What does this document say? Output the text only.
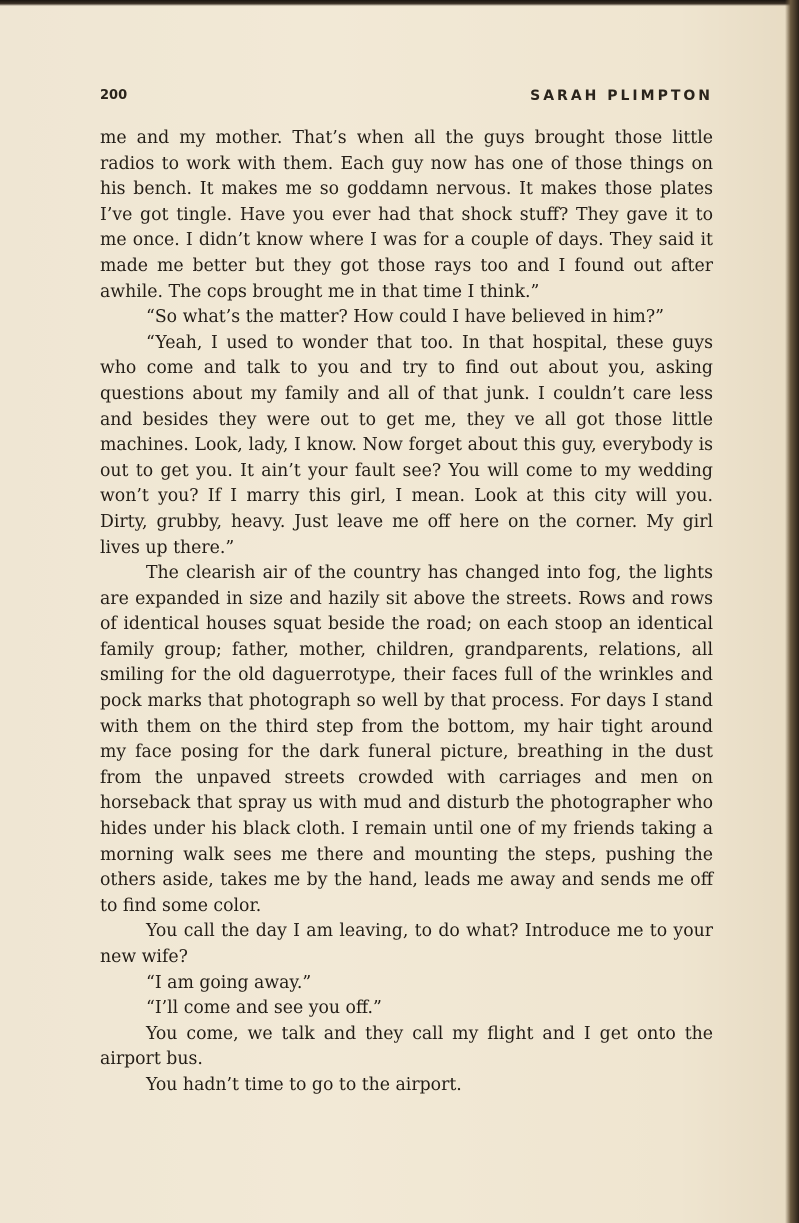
200	SARAH PLIMPTON

me and my mother. That’s when all the guys brought those little radios to work with them. Each guy now has one of those things on his bench. It makes me so goddamn nervous. It makes those plates I’ve got tingle. Have you ever had that shock stuff? They gave it to me once. I didn’t know where I was for a couple of days. They said it made me better but they got those rays too and I found out after awhile. The cops brought me in that time I think.”

“So what’s the matter? How could I have believed in him?”

“Yeah, I used to wonder that too. In that hospital, these guys who come and talk to you and try to find out about you, asking questions about my family and all of that junk. I couldn’t care less and besides they were out to get me, they ve all got those little machines. Look, lady, I know. Now forget about this guy, everybody is out to get you. It ain’t your fault see? You will come to my wedding won’t you? If I marry this girl, I mean. Look at this city will you. Dirty, grubby, heavy. Just leave me off here on the corner. My girl lives up there.”

The clearish air of the country has changed into fog, the lights are expanded in size and hazily sit above the streets. Rows and rows of identical houses squat beside the road; on each stoop an identical family group; father, mother, children, grandparents, relations, all smiling for the old daguerrotype, their faces full of the wrinkles and pock marks that photograph so well by that process. For days I stand with them on the third step from the bottom, my hair tight around my face posing for the dark funeral picture, breathing in the dust from the unpaved streets crowded with carriages and men on horseback that spray us with mud and disturb the photographer who hides under his black cloth. I remain until one of my friends taking a morning walk sees me there and mounting the steps, pushing the others aside, takes me by the hand, leads me away and sends me off to find some color.

You call the day I am leaving, to do what? Introduce me to your new wife?

“I am going away.”

“I’ll come and see you off.”

You come, we talk and they call my flight and I get onto the airport bus.

You hadn’t time to go to the airport.
